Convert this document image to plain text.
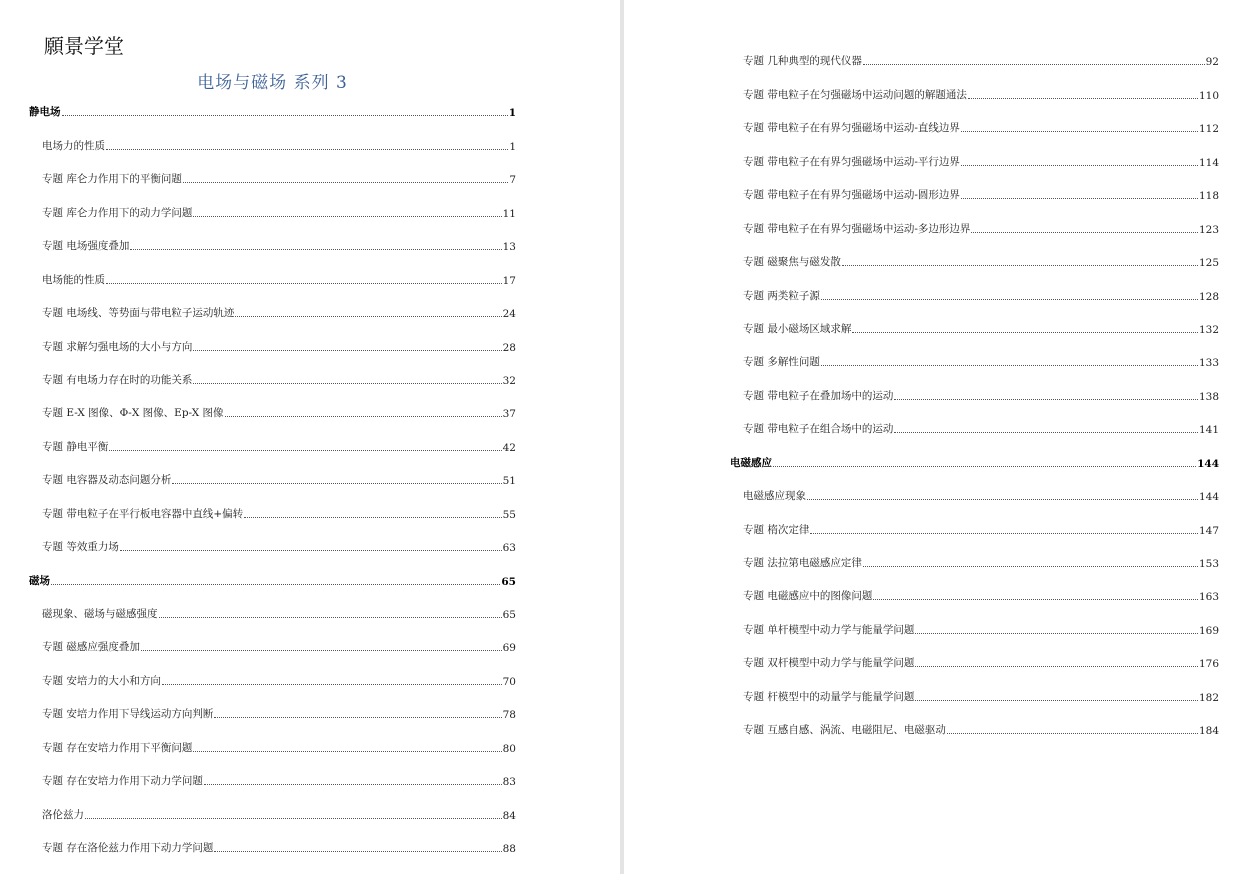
願景学堂
电场与磁场 系列 3
静电场	1
电场力的性质	1
专题 库仑力作用下的平衡问题	7
专题 库仑力作用下的动力学问题	11
专题 电场强度叠加	13
电场能的性质	17
专题 电场线、等势面与带电粒子运动轨迹	24
专题 求解匀强电场的大小与方向	28
专题 有电场力存在时的功能关系	32
专题 E-X 图像、Φ-X 图像、Ep-X 图像	37
专题 静电平衡	42
专题 电容器及动态问题分析	51
专题 带电粒子在平行板电容器中直线+偏转	55
专题 等效重力场	63
磁场	65
磁现象、磁场与磁感强度	65
专题 磁感应强度叠加	69
专题 安培力的大小和方向	70
专题 安培力作用下导线运动方向判断	78
专题 存在安培力作用下平衡问题	80
专题 存在安培力作用下动力学问题	83
洛伦兹力	84
专题 存在洛伦兹力作用下动力学问题	88
专题 几种典型的现代仪器	92
专题 带电粒子在匀强磁场中运动问题的解题通法	110
专题 带电粒子在有界匀强磁场中运动-直线边界	112
专题 带电粒子在有界匀强磁场中运动-平行边界	114
专题 带电粒子在有界匀强磁场中运动-圆形边界	118
专题 带电粒子在有界匀强磁场中运动-多边形边界	123
专题 磁聚焦与磁发散	125
专题 两类粒子源	128
专题 最小磁场区域求解	132
专题 多解性问题	133
专题 带电粒子在叠加场中的运动	138
专题 带电粒子在组合场中的运动	141
电磁感应	144
电磁感应现象	144
专题 楕次定律	147
专题 法拉第电磁感应定律	153
专题 电磁感应中的图像问题	163
专题 单杆模型中动力学与能量学问题	169
专题 双杆模型中动力学与能量学问题	176
专题 杆模型中的动量学与能量学问题	182
专题 互感自感、涡流、电磁阻尼、电磁驱动	184
